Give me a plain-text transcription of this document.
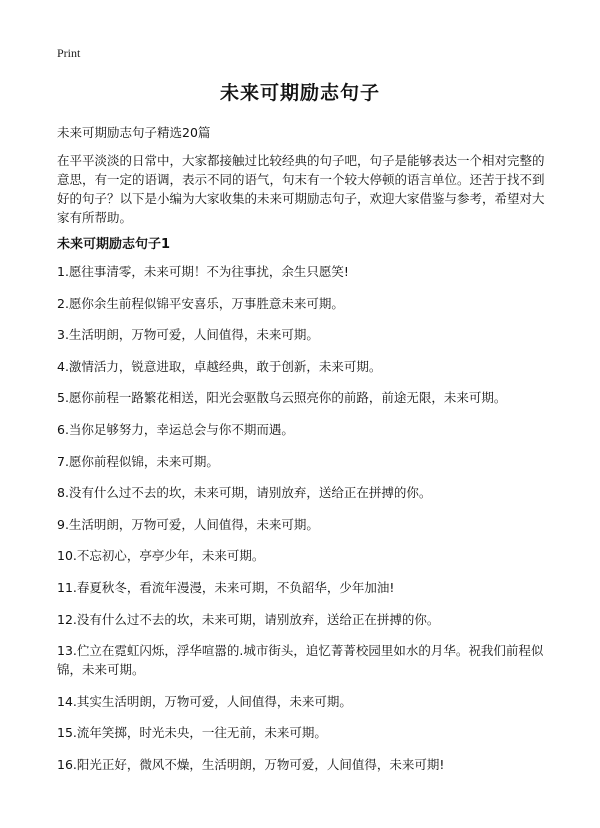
Print
未来可期励志句子

未来可期励志句子精选20篇

在平平淡淡的日常中，大家都接触过比较经典的句子吧，句子是能够表达一个相对完整的意思，有一定的语调，表示不同的语气，句末有一个较大停顿的语言单位。还苦于找不到好的句子？以下是小编为大家收集的未来可期励志句子，欢迎大家借鉴与参考，希望对大家有所帮助。

未来可期励志句子1
1.愿往事清零，未来可期！不为往事扰，余生只愿笑!
2.愿你余生前程似锦平安喜乐，万事胜意未来可期。
3.生活明朗，万物可爱，人间值得，未来可期。
4.激情活力，锐意进取，卓越经典，敢于创新，未来可期。
5.愿你前程一路繁花相送，阳光会驱散乌云照亮你的前路，前途无限，未来可期。
6.当你足够努力，幸运总会与你不期而遇。
7.愿你前程似锦，未来可期。
8.没有什么过不去的坎，未来可期，请别放弃，送给正在拼搏的你。
9.生活明朗，万物可爱，人间值得，未来可期。
10.不忘初心，亭亭少年，未来可期。
11.春夏秋冬，看流年漫漫，未来可期，不负韶华，少年加油!
12.没有什么过不去的坎，未来可期，请别放弃，送给正在拼搏的你。
13.伫立在霓虹闪烁，浮华喧嚣的.城市街头，追忆菁菁校园里如水的月华。祝我们前程似锦，未来可期。
14.其实生活明朗，万物可爱，人间值得，未来可期。
15.流年笑掷，时光未央，一往无前，未来可期。
16.阳光正好，微风不燥，生活明朗，万物可爱，人间值得，未来可期!
